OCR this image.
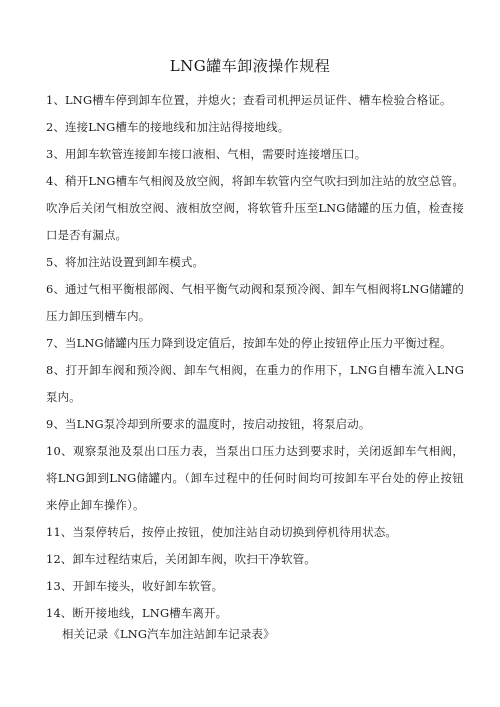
LNG罐车卸液操作规程
1、LNG槽车停到卸车位置，并熄火；查看司机押运员证件、槽车检验合格证。
2、连接LNG槽车的接地线和加注站得接地线。
3、用卸车软管连接卸车接口液相、气相，需要时连接增压口。
4、稍开LNG槽车气相阀及放空阀，将卸车软管内空气吹扫到加注站的放空总管。吹净后关闭气相放空阀、液相放空阀，将软管升压至LNG储罐的压力值，检查接口是否有漏点。
5、将加注站设置到卸车模式。
6、通过气相平衡根部阀、气相平衡气动阀和泵预冷阀、卸车气相阀将LNG储罐的压力卸压到槽车内。
7、当LNG储罐内压力降到设定值后，按卸车处的停止按钮停止压力平衡过程。
8、打开卸车阀和预冷阀、卸车气相阀，在重力的作用下，LNG自槽车流入LNG泵内。
9、当LNG泵冷却到所要求的温度时，按启动按钮，将泵启动。
10、观察泵池及泵出口压力表，当泵出口压力达到要求时，关闭返卸车气相阀，将LNG卸到LNG储罐内。（卸车过程中的任何时间均可按卸车平台处的停止按钮来停止卸车操作）。
11、当泵停转后，按停止按钮，使加注站自动切换到停机待用状态。
12、卸车过程结束后，关闭卸车阀，吹扫干净软管。
13、开卸车接头，收好卸车软管。
14、断开接地线，LNG槽车离开。
相关记录《LNG汽车加注站卸车记录表》
